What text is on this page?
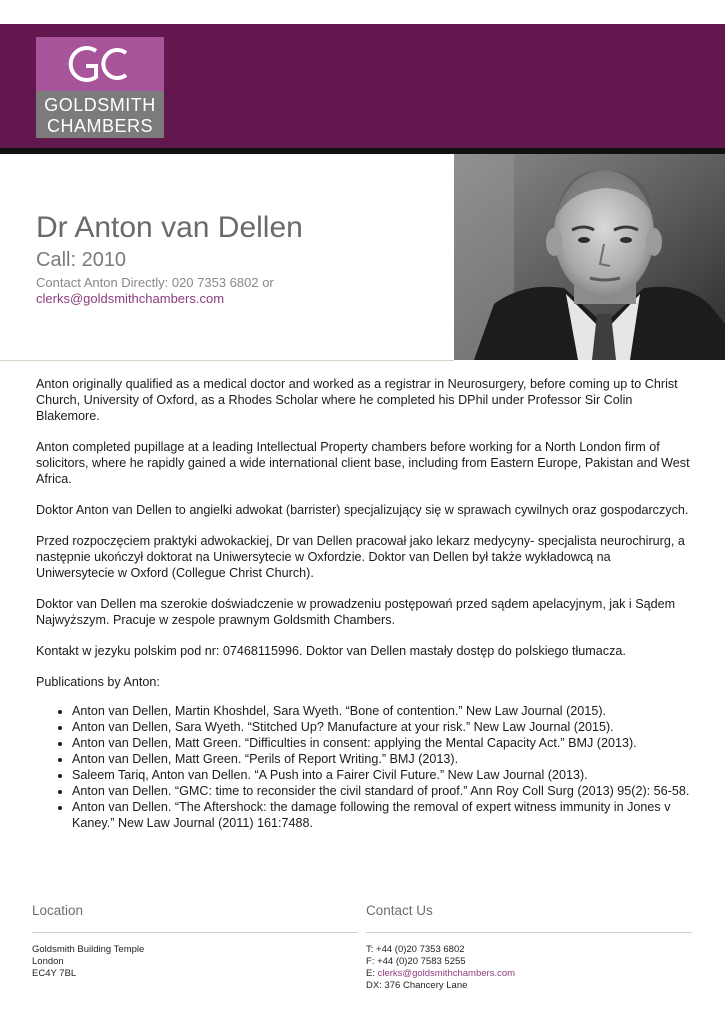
GOLDSMITH
CHAMBERS
Dr Anton van Dellen
Call: 2010
Contact Anton Directly: 020 7353 6802 or
clerks@goldsmithchambers.com

Anton originally qualified as a medical doctor and worked as a registrar in Neurosurgery, before coming up to Christ Church, University of Oxford, as a Rhodes Scholar where he completed his DPhil under Professor Sir Colin Blakemore.

Anton completed pupillage at a leading Intellectual Property chambers before working for a North London firm of solicitors, where he rapidly gained a wide international client base, including from Eastern Europe, Pakistan and West Africa.

Doktor Anton van Dellen to angielki adwokat (barrister) specjalizujący się w sprawach cywilnych oraz gospodarczych.

Przed rozpoczęciem praktyki adwokackiej, Dr van Dellen pracował jako lekarz medycyny- specjalista neurochirurg, a następnie ukończył doktorat na Uniwersytecie w Oxfordzie. Doktor van Dellen był także wykładowcą na Uniwersytecie w Oxford (Collegue Christ Church).

Doktor van Dellen ma szerokie doświadczenie w prowadzeniu postępowań przed sądem apelacyjnym, jak i Sądem Najwyższym. Pracuje w zespole prawnym Goldsmith Chambers.

Kontakt w jezyku polskim pod nr: 07468115996. Doktor van Dellen mastały dostęp do polskiego tłumacza.

Publications by Anton:

• Anton van Dellen, Martin Khoshdel, Sara Wyeth. “Bone of contention.” New Law Journal (2015).
• Anton van Dellen, Sara Wyeth. “Stitched Up? Manufacture at your risk.” New Law Journal (2015).
• Anton van Dellen, Matt Green. “Difficulties in consent: applying the Mental Capacity Act.” BMJ (2013).
• Anton van Dellen, Matt Green. “Perils of Report Writing.” BMJ (2013).
• Saleem Tariq, Anton van Dellen. “A Push into a Fairer Civil Future.” New Law Journal (2013).
• Anton van Dellen. “GMC: time to reconsider the civil standard of proof.” Ann Roy Coll Surg (2013) 95(2): 56-58.
• Anton van Dellen. “The Aftershock: the damage following the removal of expert witness immunity in Jones v Kaney.” New Law Journal (2011) 161:7488.
Location
Goldsmith Building Temple
London
EC4Y 7BL
Contact Us
T: +44 (0)20 7353 6802
F: +44 (0)20 7583 5255
E: clerks@goldsmithchambers.com
DX: 376 Chancery Lane
